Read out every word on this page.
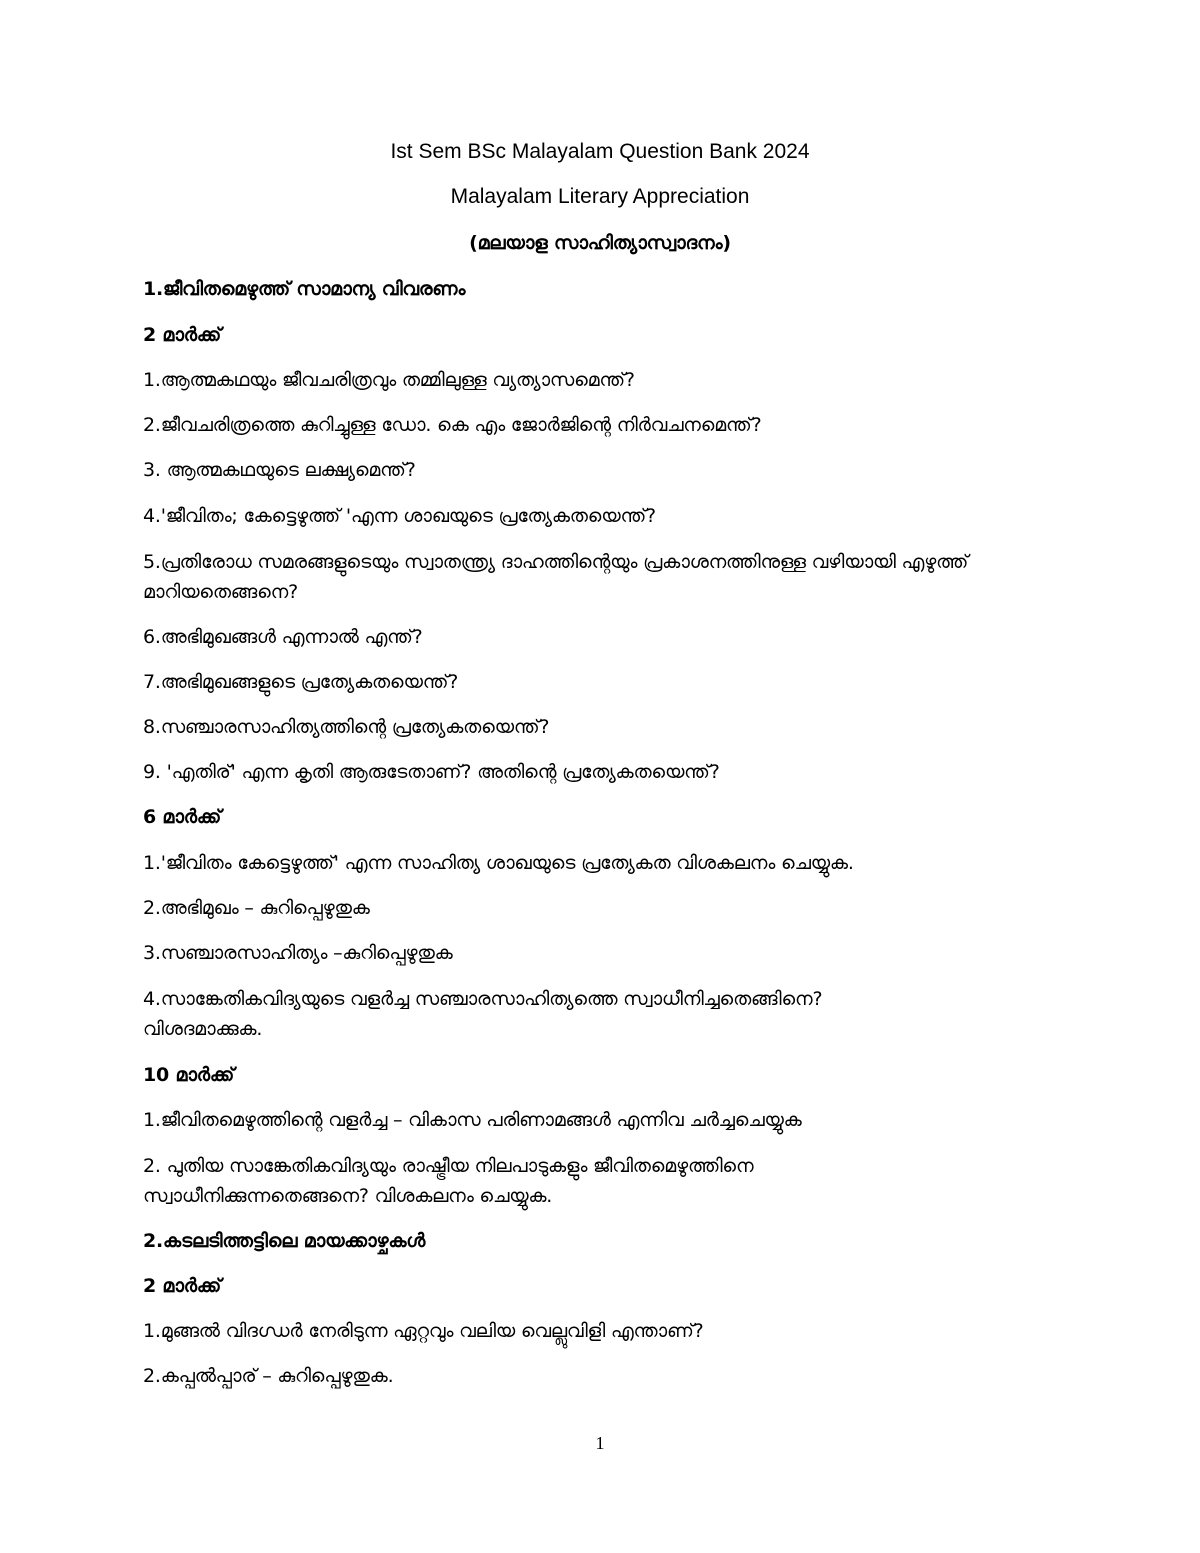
Ist Sem BSc Malayalam Question Bank 2024
Malayalam Literary Appreciation
(മലയാള സാഹിത്യാസ്വാദനം)
1.ജീവിതമെഴുത്ത് സാമാന്യ വിവരണം
2 മാർക്ക്
1.ആത്മകഥയും ജീവചരിത്രവും തമ്മിലുള്ള വ്യത്യാസമെന്ത്?
2.ജീവചരിത്രത്തെ കുറിച്ചുള്ള ഡോ. കെ എം ജോർജിന്റെ നിർവചനമെന്ത്?
3. ആത്മകഥയുടെ ലക്ഷ്യമെന്ത്?
4.'ജീവിതം; കേട്ടെഴുത്ത് 'എന്ന ശാഖയുടെ പ്രത്യേകതയെന്ത്?
5.പ്രതിരോധ സമരങ്ങളുടെയും സ്വാതന്ത്ര്യ ദാഹത്തിന്റെയും പ്രകാശനത്തിനുള്ള വഴിയായി എഴുത്ത് മാറിയതെങ്ങനെ?
6.അഭിമുഖങ്ങൾ എന്നാൽ എന്ത്?
7.അഭിമുഖങ്ങളുടെ പ്രത്യേകതയെന്ത്?
8.സഞ്ചാരസാഹിത്യത്തിന്റെ പ്രത്യേകതയെന്ത്?
9. 'എതിര്' എന്ന കൃതി ആരുടേതാണ്? അതിന്റെ പ്രത്യേകതയെന്ത്?
6 മാർക്ക്
1.'ജീവിതം കേട്ടെഴുത്ത്' എന്ന സാഹിത്യ ശാഖയുടെ പ്രത്യേകത വിശകലനം ചെയ്യുക.
2.അഭിമുഖം – കുറിപ്പെഴുതുക
3.സഞ്ചാരസാഹിത്യം –കുറിപ്പെഴുതുക
4.സാങ്കേതികവിദ്യയുടെ വളർച്ച സഞ്ചാരസാഹിത്യത്തെ സ്വാധീനിച്ചതെങ്ങിനെ? വിശദമാക്കുക.
10 മാർക്ക്
1.ജീവിതമെഴുത്തിന്റെ വളർച്ച – വികാസ പരിണാമങ്ങൾ എന്നിവ ചർച്ചചെയ്യുക
2. പുതിയ സാങ്കേതികവിദ്യയും രാഷ്ട്രീയ നിലപാടുകളും ജീവിതമെഴുത്തിനെ സ്വാധീനിക്കുന്നതെങ്ങനെ? വിശകലനം ചെയ്യുക.
2.കടലടിത്തട്ടിലെ മായക്കാഴ്ചകൾ
2 മാർക്ക്
1.മുങ്ങൽ വിദഗ്ധർ നേരിടുന്ന ഏറ്റവും വലിയ വെല്ലുവിളി എന്താണ്?
2.കപ്പൽപ്പാര് – കുറിപ്പെഴുതുക.
1
